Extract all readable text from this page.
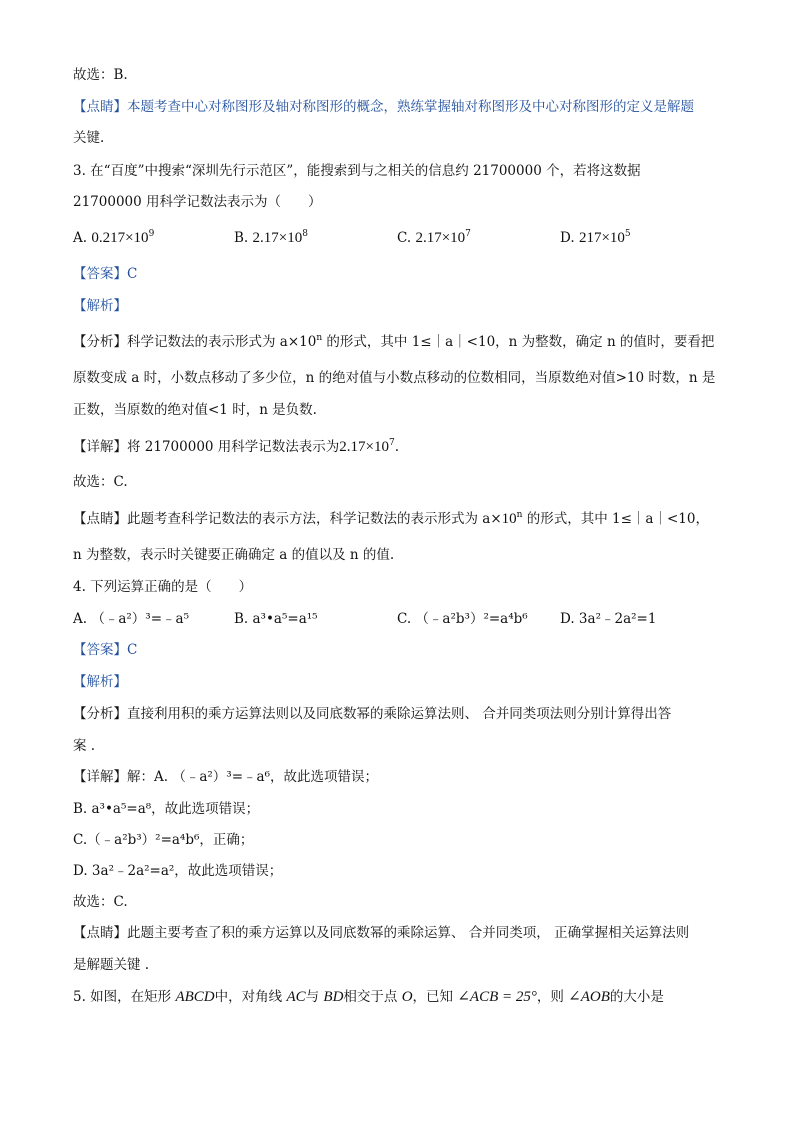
故选：B.
【点睛】本题考查中心对称图形及轴对称图形的概念，熟练掌握轴对称图形及中心对称图形的定义是解题
关键.
3. 在“百度”中搜索“深圳先行示范区”，能搜索到与之相关的信息约 21700000 个，若将这数据
21700000 用科学记数法表示为（　　）
A. $0.217\times 10^9$	B. $2.17\times 10^8$	C. $2.17\times 10^7$	D. $217\times 10^5$
【答案】C
【解析】
【分析】科学记数法的表示形式为 $a\times 10^n$ 的形式，其中 1≤｜a｜<10，n 为整数，确定 n 的值时，要看把
原数变成 a 时，小数点移动了多少位，n 的绝对值与小数点移动的位数相同，当原数绝对值>10 时数，n 是
正数，当原数的绝对值<1 时，n 是负数.
【详解】将 21700000 用科学记数法表示为$2.17\times 10^7$.
故选：C.
【点睛】此题考查科学记数法的表示方法，科学记数法的表示形式为 $a\times 10^n$ 的形式，其中 1≤｜a｜<10，
n 为整数，表示时关键要正确确定 a 的值以及 n 的值.
4. 下列运算正确的是（　　）
A. （﹣a²）³=﹣a⁵	B. a³•a⁵=a¹⁵	C. （﹣a²b³）²=a⁴b⁶ D. 3a²﹣2a²=1
【答案】C
【解析】
【分析】直接利用积的乘方运算法则以及同底数幂的乘除运算法则、 合并同类项法则分别计算得出答
案 .
【详解】解：A. （﹣a²）³=﹣a⁶，故此选项错误；
B. a³•a⁵=a⁸，故此选项错误；
C.（﹣a²b³）²=a⁴b⁶，正确；
D. 3a²﹣2a²=a²，故此选项错误；
故选：C.
【点睛】此题主要考查了积的乘方运算以及同底数幂的乘除运算、 合并同类项， 正确掌握相关运算法则
是解题关键 .
5. 如图，在矩形 ABCD中，对角线 AC与 BD相交于点 O，已知 ∠ACB = 25°，则 ∠AOB的大小是
